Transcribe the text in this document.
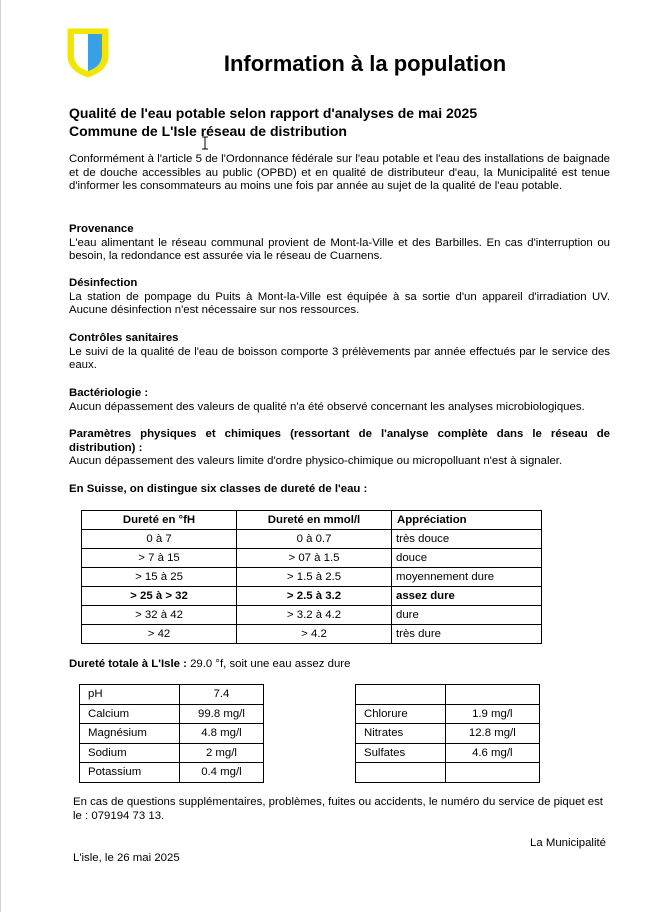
Information à la population
Qualité de l'eau potable selon rapport d'analyses de mai 2025
Commune de L'Isle réseau de distribution
Conformément à l'article 5 de l'Ordonnance fédérale sur l'eau potable et l'eau des installations de baignade et de douche accessibles au public (OPBD) et en qualité de distributeur d'eau, la Municipalité est tenue d'informer les consommateurs au moins une fois par année au sujet de la qualité de l'eau potable.
Provenance
L'eau alimentant le réseau communal provient de Mont-la-Ville et des Barbilles. En cas d'interruption ou besoin, la redondance est assurée via le réseau de Cuarnens.
Désinfection
La station de pompage du Puits à Mont-la-Ville est équipée à sa sortie d'un appareil d'irradiation UV. Aucune désinfection n'est nécessaire sur nos ressources.
Contrôles sanitaires
Le suivi de la qualité de l'eau de boisson comporte 3 prélèvements par année effectués par le service des eaux.
Bactériologie :
Aucun dépassement des valeurs de qualité n'a été observé concernant les analyses microbiologiques.
Paramètres physiques et chimiques (ressortant de l'analyse complète dans le réseau de distribution) :
Aucun dépassement des valeurs limite d'ordre physico-chimique ou micropolluant n'est à signaler.
En Suisse, on distingue six classes de dureté de l'eau :
Dureté en °fH	Dureté en mmol/l	Appréciation
0 à 7	0 à 0.7	très douce
> 7 à 15	> 07 à 1.5	douce
> 15 à 25	> 1.5 à 2.5	moyennement dure
> 25 à > 32	> 2.5 à 3.2	assez dure
> 32 à 42	> 3.2 à 4.2	dure
> 42	> 4.2	très dure
Dureté totale à L'Isle : 29.0 °f, soit une eau assez dure
pH	7.4
Calcium	99.8 mg/l
Magnésium	4.8 mg/l
Sodium	2 mg/l
Potassium	0.4 mg/l

Chlorure	1.9 mg/l
Nitrates	12.8 mg/l
Sulfates	4.6 mg/l

En cas de questions supplémentaires, problèmes, fuites ou accidents, le numéro du service de piquet est le : 079194 73 13.
La Municipalité
L'isle, le 26 mai 2025
